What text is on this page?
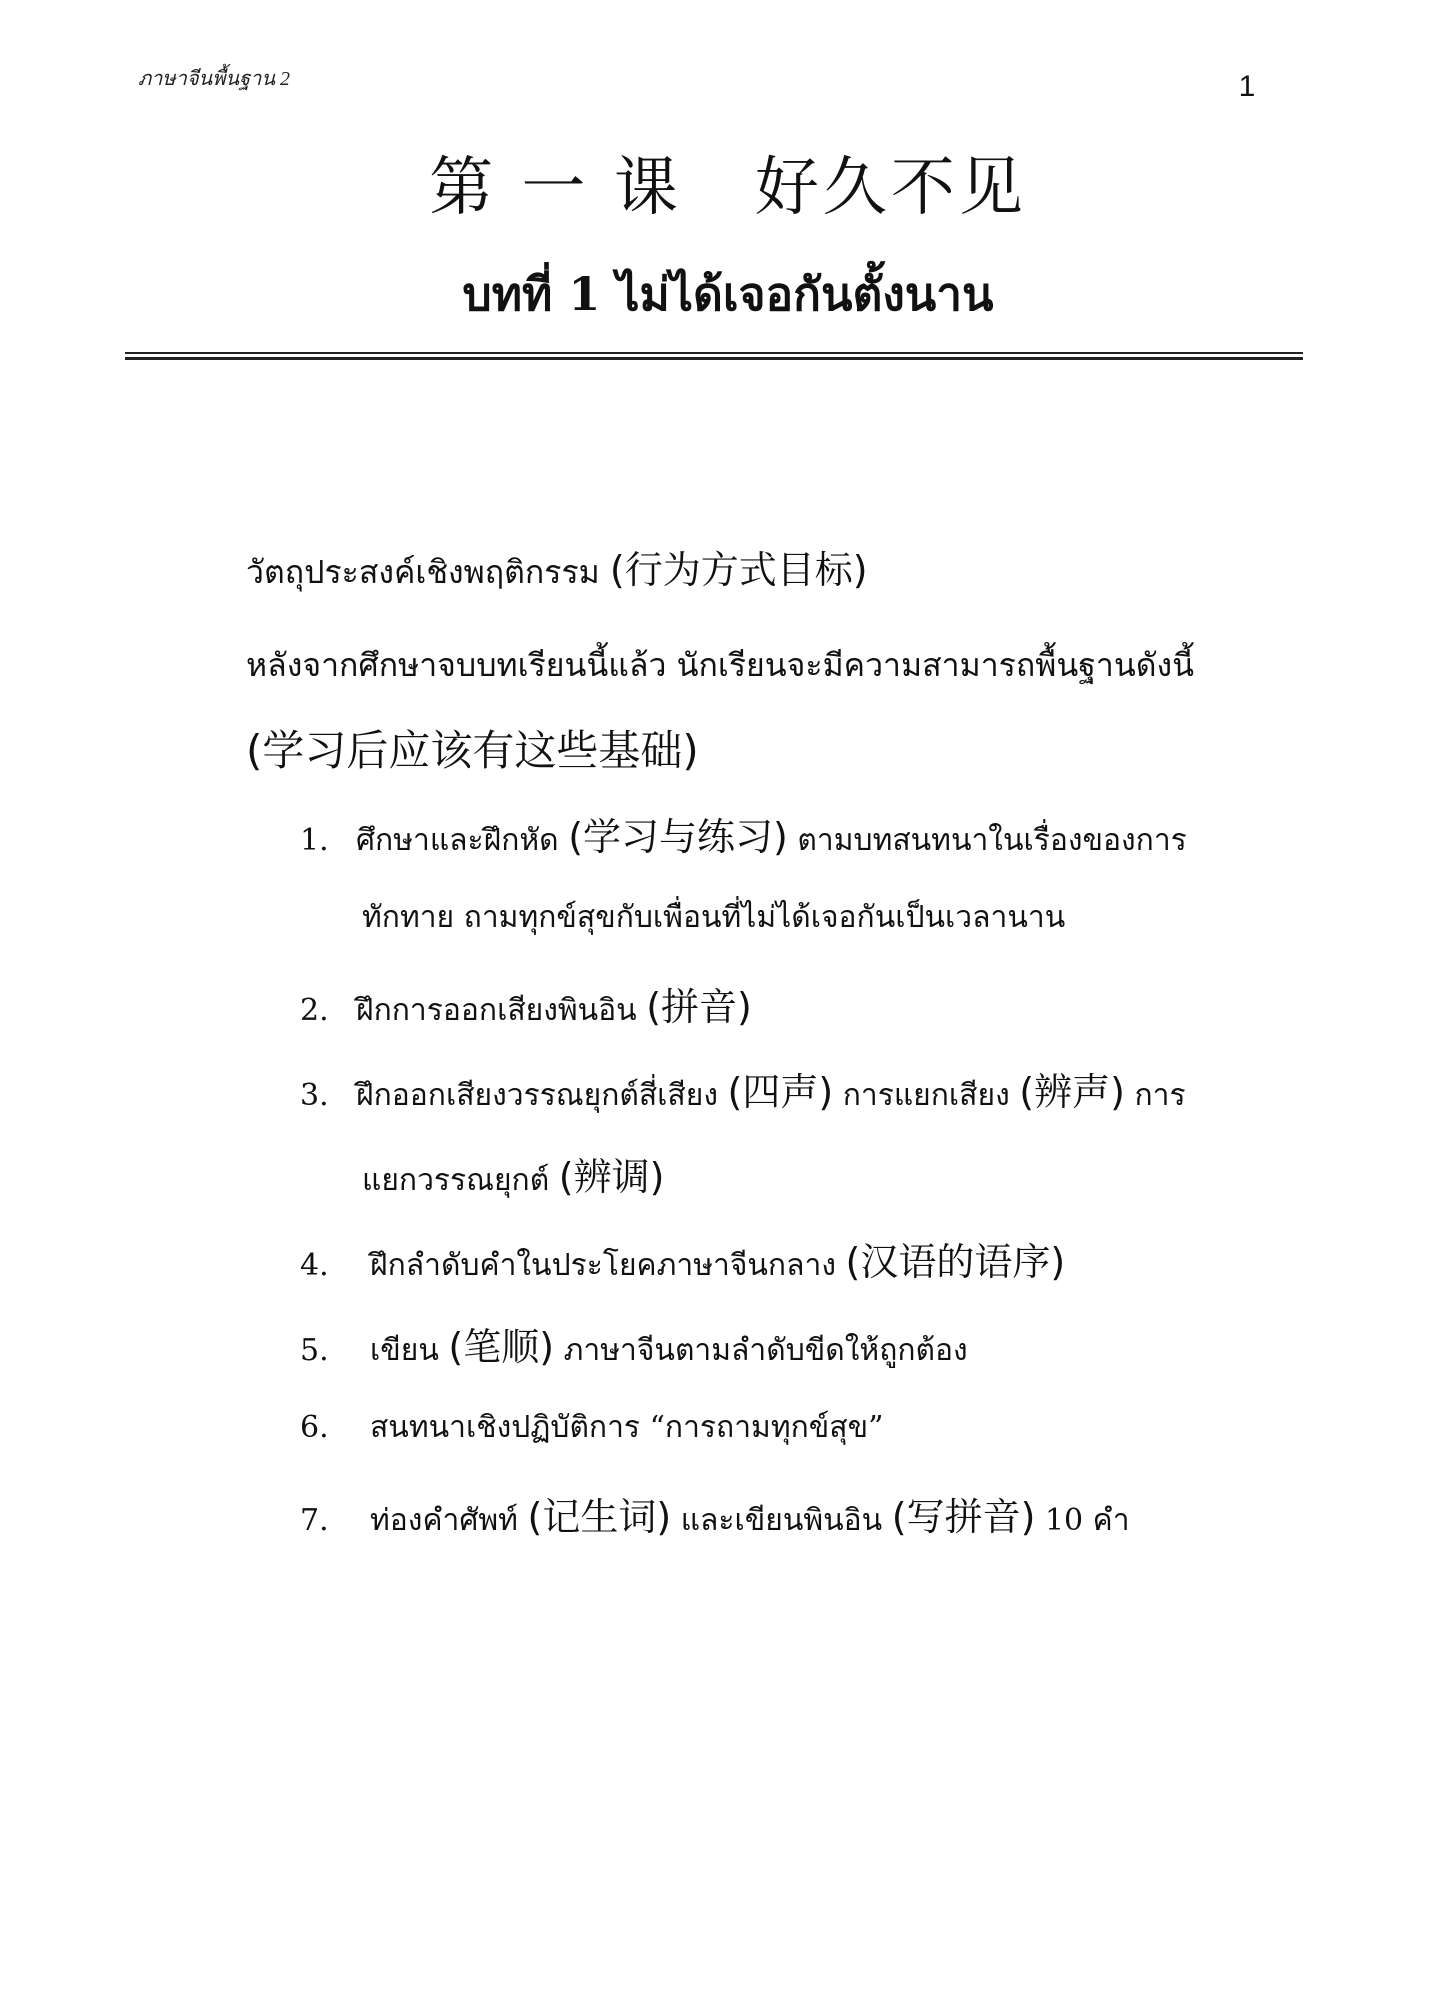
ภาษาจีนพื้นฐาน 2	1
第 一 课   好久不见
บทที่ 1 ไม่ได้เจอกันตั้งนาน
วัตถุประสงค์เชิงพฤติกรรม (行为方式目标)
หลังจากศึกษาจบบทเรียนนี้แล้ว นักเรียนจะมีความสามารถพื้นฐานดังนี้
(学习后应该有这些基础)
1. ศึกษาและฝึกหัด (学习与练习) ตามบทสนทนาในเรื่องของการ
ทักทาย ถามทุกข์สุขกับเพื่อนที่ไม่ได้เจอกันเป็นเวลานาน
2. ฝึกการออกเสียงพินอิน (拼音)
3. ฝึกออกเสียงวรรณยุกต์สี่เสียง (四声) การแยกเสียง (辨声) การ
แยกวรรณยุกต์ (辨调)
4. ฝึกลำดับคำในประโยคภาษาจีนกลาง (汉语的语序)
5. เขียน (笔顺) ภาษาจีนตามลำดับขีดให้ถูกต้อง
6. สนทนาเชิงปฏิบัติการ “การถามทุกข์สุข”
7. ท่องคำศัพท์ (记生词) และเขียนพินอิน (写拼音) 10 คำ
